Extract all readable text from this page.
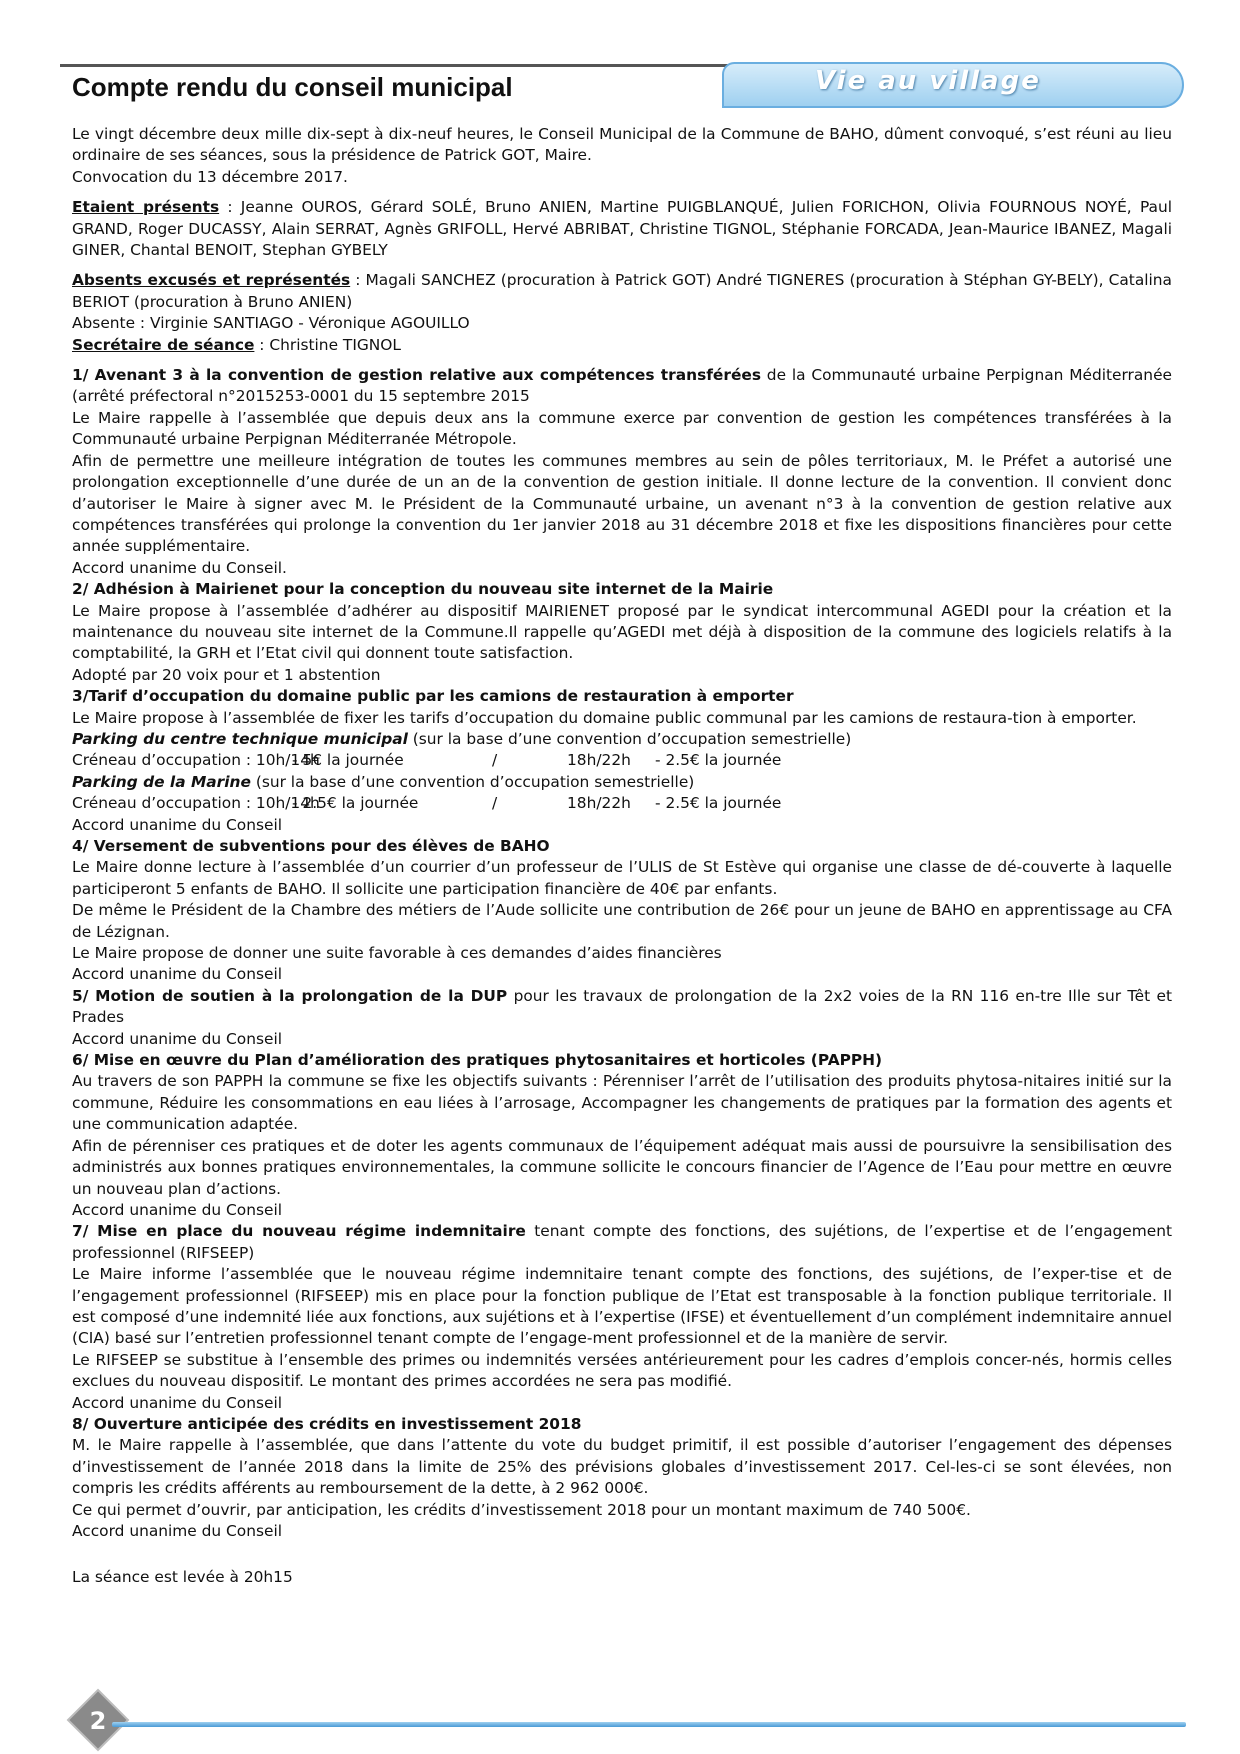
Compte rendu du conseil municipal	Vie au village

Le vingt décembre deux mille dix-sept à dix-neuf heures, le Conseil Municipal de la Commune de BAHO, dûment convoqué, s’est réuni au lieu ordinaire de ses séances, sous la présidence de Patrick GOT, Maire.

Convocation du 13 décembre 2017.

Etaient présents : Jeanne OUROS, Gérard SOLÉ, Bruno ANIEN, Martine PUIGBLANQUÉ, Julien FORICHON, Olivia FOURNOUS NOYÉ, Paul GRAND, Roger DUCASSY, Alain SERRAT, Agnès GRIFOLL, Hervé ABRIBAT, Christine TIGNOL, Stéphanie FORCADA, Jean-Maurice IBANEZ, Magali GINER, Chantal BENOIT, Stephan GYBELY

Absents excusés et représentés : Magali SANCHEZ (procuration à Patrick GOT) André TIGNERES (procuration à Stéphan GY-BELY), Catalina BERIOT (procuration à Bruno ANIEN)

Absente : Virginie SANTIAGO - Véronique AGOUILLO

Secrétaire de séance : Christine TIGNOL

1/ Avenant 3 à la convention de gestion relative aux compétences transférées de la Communauté urbaine Perpignan Méditerranée (arrêté préfectoral n°2015253-0001 du 15 septembre 2015

Le Maire rappelle à l’assemblée que depuis deux ans la commune exerce par convention de gestion les compétences transférées à la Communauté urbaine Perpignan Méditerranée Métropole.

Afin de permettre une meilleure intégration de toutes les communes membres au sein de pôles territoriaux, M. le Préfet a autorisé une prolongation exceptionnelle d’une durée de un an de la convention de gestion initiale. Il donne lecture de la convention. Il convient donc d’autoriser le Maire à signer avec M. le Président de la Communauté urbaine, un avenant n°3 à la convention de gestion relative aux compétences transférées qui prolonge la convention du 1er janvier 2018 au 31 décembre 2018 et fixe les dispositions financières pour cette année supplémentaire.

Accord unanime du Conseil.

2/ Adhésion à Mairienet pour la conception du nouveau site internet de la Mairie

Le Maire propose à l’assemblée d’adhérer au dispositif MAIRIENET proposé par le syndicat intercommunal AGEDI pour la création et la maintenance du nouveau site internet de la Commune.Il rappelle qu’AGEDI met déjà à disposition de la commune des logiciels relatifs à la comptabilité, la GRH et l’Etat civil qui donnent toute satisfaction.

Adopté par 20 voix pour et 1 abstention

3/Tarif d’occupation du domaine public par les camions de restauration à emporter

Le Maire propose à l’assemblée de fixer les tarifs d’occupation du domaine public communal par les camions de restaura-tion à emporter.

Parking du centre technique municipal (sur la base d’une convention d’occupation semestrielle)

Créneau d’occupation : 10h/14h- 5€ la journée	/	18h/22h - 2.5€ la journée

Parking de la Marine (sur la base d’une convention d’occupation semestrielle)

Créneau d’occupation : 10h/14h- 2.5€ la journée	/	18h/22h - 2.5€ la journée

Accord unanime du Conseil

4/ Versement de subventions pour des élèves de BAHO

Le Maire donne lecture à l’assemblée d’un courrier d’un professeur de l’ULIS de St Estève qui organise une classe de dé-couverte à laquelle participeront 5 enfants de BAHO. Il sollicite une participation financière de 40€ par enfants.

De même le Président de la Chambre des métiers de l’Aude sollicite une contribution de 26€ pour un jeune de BAHO en apprentissage au CFA de Lézignan.

Le Maire propose de donner une suite favorable à ces demandes d’aides financières

Accord unanime du Conseil

5/ Motion de soutien à la prolongation de la DUP pour les travaux de prolongation de la 2x2 voies de la RN 116 en-tre Ille sur Têt et Prades

Accord unanime du Conseil

6/ Mise en œuvre du Plan d’amélioration des pratiques phytosanitaires et horticoles (PAPPH)

Au travers de son PAPPH la commune se fixe les objectifs suivants : Pérenniser l’arrêt de l’utilisation des produits phytosa-nitaires initié sur la commune, Réduire les consommations en eau liées à l’arrosage, Accompagner les changements de pratiques par la formation des agents et une communication adaptée.

Afin de pérenniser ces pratiques et de doter les agents communaux de l’équipement adéquat mais aussi de poursuivre la sensibilisation des administrés aux bonnes pratiques environnementales, la commune sollicite le concours financier de l’Agence de l’Eau pour mettre en œuvre un nouveau plan d’actions.

Accord unanime du Conseil

7/ Mise en place du nouveau régime indemnitaire tenant compte des fonctions, des sujétions, de l’expertise et de l’engagement professionnel (RIFSEEP)

Le Maire informe l’assemblée que le nouveau régime indemnitaire tenant compte des fonctions, des sujétions, de l’exper-tise et de l’engagement professionnel (RIFSEEP) mis en place pour la fonction publique de l’Etat est transposable à la fonction publique territoriale. Il est composé d’une indemnité liée aux fonctions, aux sujétions et à l’expertise (IFSE) et éventuellement d’un complément indemnitaire annuel (CIA) basé sur l’entretien professionnel tenant compte de l’engage-ment professionnel et de la manière de servir.

Le RIFSEEP se substitue à l’ensemble des primes ou indemnités versées antérieurement pour les cadres d’emplois concer-nés, hormis celles exclues du nouveau dispositif. Le montant des primes accordées ne sera pas modifié.

Accord unanime du Conseil

8/ Ouverture anticipée des crédits en investissement 2018

M. le Maire rappelle à l’assemblée, que dans l’attente du vote du budget primitif, il est possible d’autoriser l’engagement des dépenses d’investissement de l’année 2018 dans la limite de 25% des prévisions globales d’investissement 2017. Cel-les-ci se sont élevées, non compris les crédits afférents au remboursement de la dette, à 2 962 000€.

Ce qui permet d’ouvrir, par anticipation, les crédits d’investissement 2018 pour un montant maximum de 740 500€.

Accord unanime du Conseil

La séance est levée à 20h15

2
